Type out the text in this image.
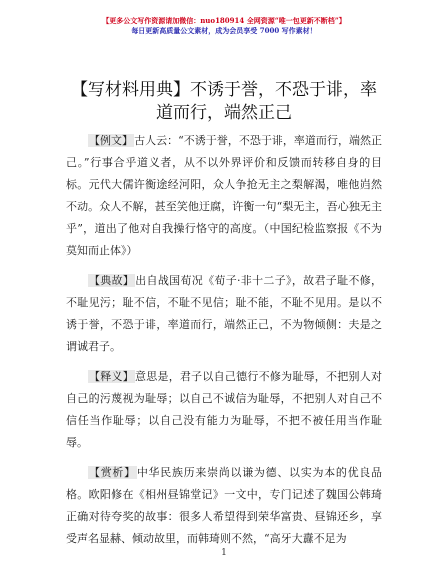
【更多公文写作资源请加微信：nuo180914 全网资源“唯一包更新不断档”】
每日更新高质量公文素材，成为会员享受 7000 写作素材！
【写材料用典】不诱于誉，不恐于诽，率道而行，端然正己

【例文】古人云：“不诱于誉，不恐于诽，率道而行，端然正己。”行事合乎道义者，从不以外界评价和反馈而转移自身的目标。元代大儒许衡途经河阳，众人争抢无主之梨解渴，唯他岿然不动。众人不解，甚至笑他迂腐，许衡一句“梨无主，吾心独无主乎”，道出了他对自我操行恪守的高度。（中国纪检监察报《不为莫知而止体》）

【典故】出自战国荀况《荀子·非十二子》，故君子耻不修，不耻见污；耻不信，不耻不见信；耻不能，不耻不见用。是以不诱于誉，不恐于诽，率道而行，端然正己，不为物倾侧：夫是之谓诚君子。

【释义】意思是，君子以自己德行不修为耻辱，不把别人对自己的污蔑视为耻辱；以自己不诚信为耻辱，不把别人对自己不信任当作耻辱；以自己没有能力为耻辱，不把不被任用当作耻辱。

【赏析】中华民族历来崇尚以谦为德、以实为本的优良品格。欧阳修在《相州昼锦堂记》一文中，专门记述了魏国公韩琦正确对待夸奖的故事：很多人希望得到荣华富贵、昼锦还乡，享受声名显赫、倾动故里，而韩琦则不然，“高牙大纛不足为

1
